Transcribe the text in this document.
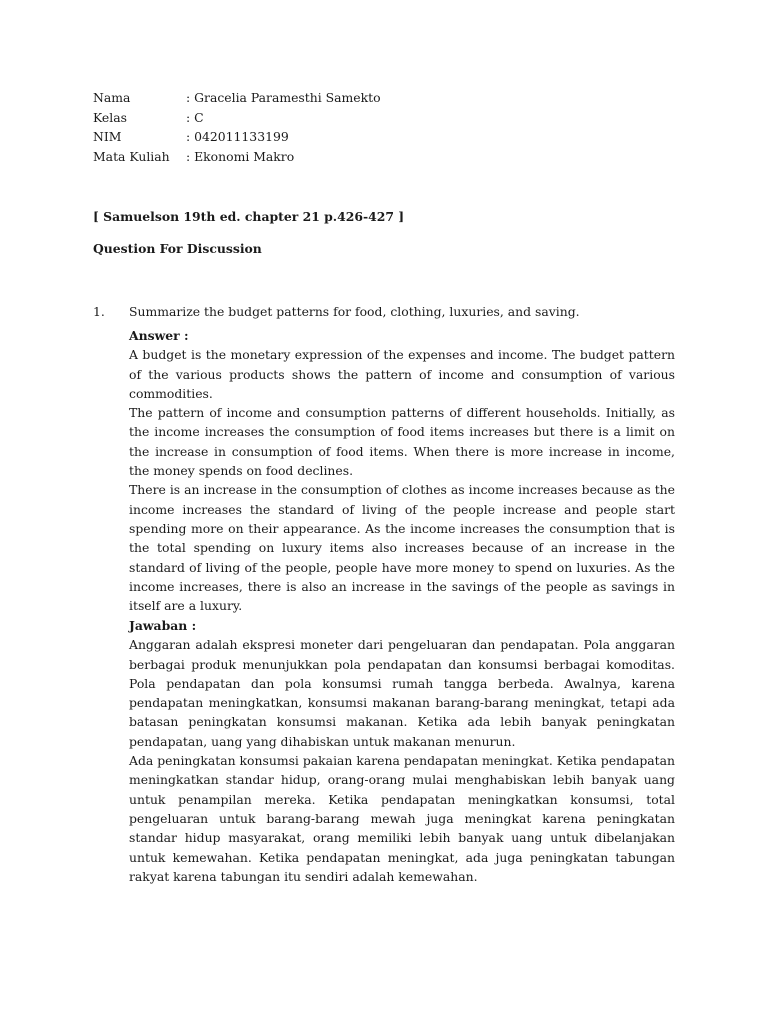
Nama	: Gracelia Paramesthi Samekto
Kelas	: C
NIM	: 042011133199
Mata Kuliah	: Ekonomi Makro
[ Samuelson 19th ed. chapter 21 p.426-427 ]
Question For Discussion
1. Summarize the budget patterns for food, clothing, luxuries, and saving.
Answer :

A budget is the monetary expression of the expenses and income. The budget pattern of the various products shows the pattern of income and consumption of various commodities.

The pattern of income and consumption patterns of different households. Initially, as the income increases the consumption of food items increases but there is a limit on the increase in consumption of food items. When there is more increase in income, the money spends on food declines.

There is an increase in the consumption of clothes as income increases because as the income increases the standard of living of the people increase and people start spending more on their appearance. As the income increases the consumption that is the total spending on luxury items also increases because of an increase in the standard of living of the people, people have more money to spend on luxuries. As the income increases, there is also an increase in the savings of the people as savings in itself are a luxury.

Jawaban :

Anggaran adalah ekspresi moneter dari pengeluaran dan pendapatan. Pola anggaran berbagai produk menunjukkan pola pendapatan dan konsumsi berbagai komoditas. Pola pendapatan dan pola konsumsi rumah tangga berbeda. Awalnya, karena pendapatan meningkatkan, konsumsi makanan barang-barang meningkat, tetapi ada batasan peningkatan konsumsi makanan. Ketika ada lebih banyak peningkatan pendapatan, uang yang dihabiskan untuk makanan menurun.

Ada peningkatan konsumsi pakaian karena pendapatan meningkat. Ketika pendapatan meningkatkan standar hidup, orang-orang mulai menghabiskan lebih banyak uang untuk penampilan mereka. Ketika pendapatan meningkatkan konsumsi, total pengeluaran untuk barang-barang mewah juga meningkat karena peningkatan standar hidup masyarakat, orang memiliki lebih banyak uang untuk dibelanjakan untuk kemewahan. Ketika pendapatan meningkat, ada juga peningkatan tabungan rakyat karena tabungan itu sendiri adalah kemewahan.
